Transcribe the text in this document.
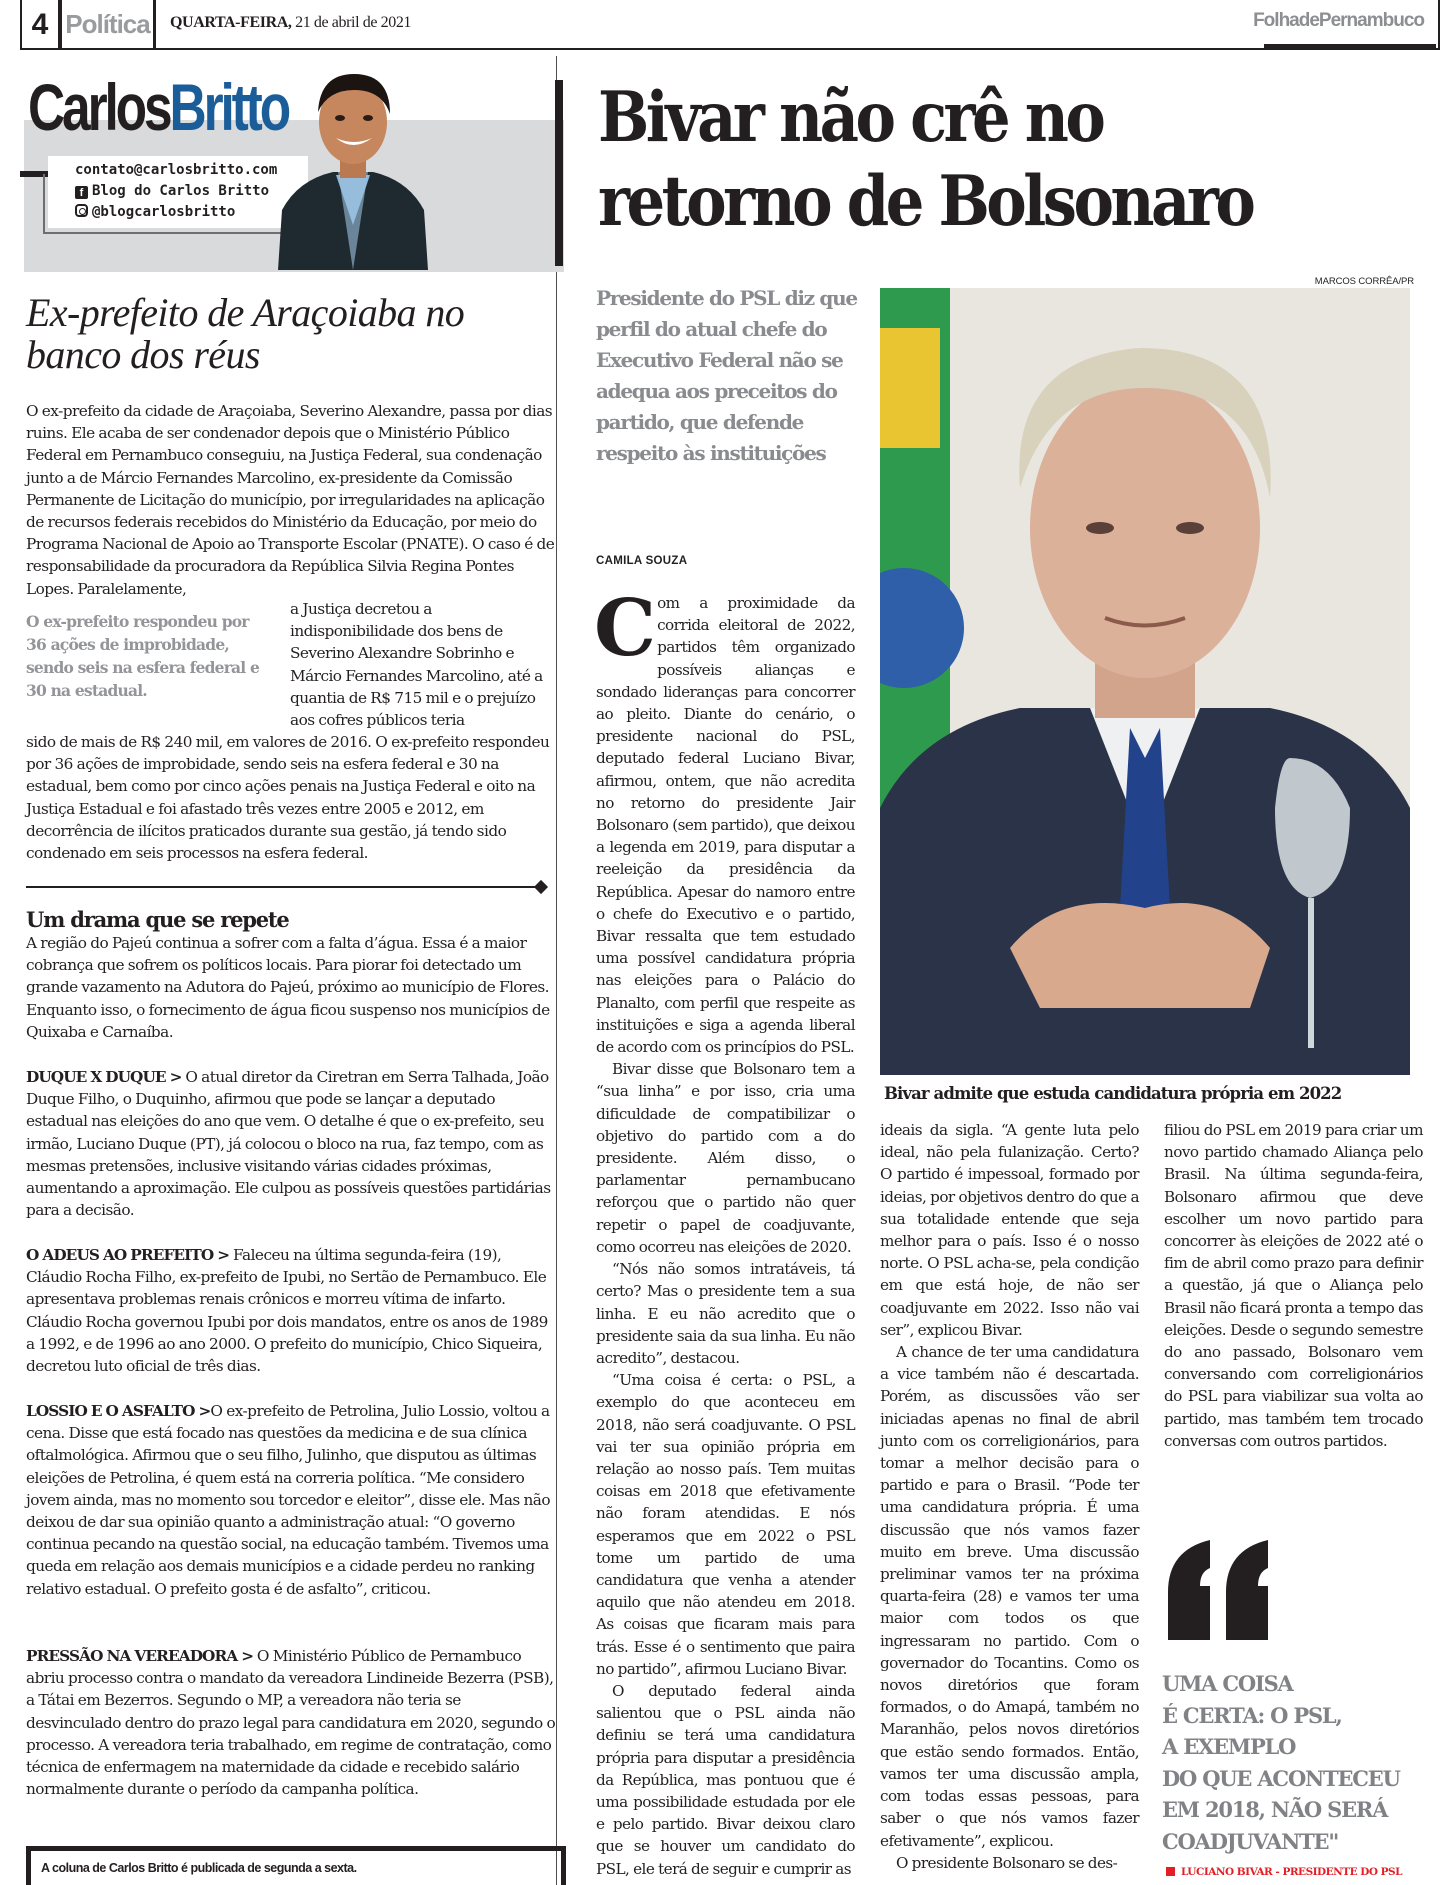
4 Política	QUARTA-FEIRA, 21 de abril de 2021	FolhadePernambuco
CarlosBritto
contato@carlosbritto.com
f Blog do Carlos Britto
@blogcarlosbritto
Ex-prefeito de Araçoiaba no banco dos réus
O ex-prefeito da cidade de Araçoiaba, Severino Alexandre, passa por dias ruins. Ele acaba de ser condenador depois que o Ministério Público Federal em Pernambuco conseguiu, na Justiça Federal, sua condenação junto a de Márcio Fernandes Marcolino, ex-presidente da Comissão Permanente de Licitação do município, por irregularidades na aplicação de recursos federais recebidos do Ministério da Educação, por meio do Programa Nacional de Apoio ao Transporte Escolar (PNATE). O caso é de responsabilidade da procuradora da República Silvia Regina Pontes Lopes. Paralelamente,
O ex-prefeito respondeu por 36 ações de improbidade, sendo seis na esfera federal e 30 na estadual.
a Justiça decretou a indisponibilidade dos bens de Severino Alexandre Sobrinho e Márcio Fernandes Marcolino, até a quantia de R$ 715 mil e o prejuízo aos cofres públicos teria
sido de mais de R$ 240 mil, em valores de 2016. O ex-prefeito respondeu por 36 ações de improbidade, sendo seis na esfera federal e 30 na estadual, bem como por cinco ações penais na Justiça Federal e oito na Justiça Estadual e foi afastado três vezes entre 2005 e 2012, em decorrência de ilícitos praticados durante sua gestão, já tendo sido condenado em seis processos na esfera federal.
Um drama que se repete
A região do Pajeú continua a sofrer com a falta d’água. Essa é a maior cobrança que sofrem os políticos locais. Para piorar foi detectado um grande vazamento na Adutora do Pajeú, próximo ao município de Flores. Enquanto isso, o fornecimento de água ficou suspenso nos municípios de Quixaba e Carnaíba.
DUQUE X DUQUE > O atual diretor da Ciretran em Serra Talhada, João Duque Filho, o Duquinho, afirmou que pode se lançar a deputado estadual nas eleições do ano que vem. O detalhe é que o ex-prefeito, seu irmão, Luciano Duque (PT), já colocou o bloco na rua, faz tempo, com as mesmas pretensões, inclusive visitando várias cidades próximas, aumentando a aproximação. Ele culpou as possíveis questões partidárias para a decisão.
O ADEUS AO PREFEITO > Faleceu na última segunda-feira (19), Cláudio Rocha Filho, ex-prefeito de Ipubi, no Sertão de Pernambuco. Ele apresentava problemas renais crônicos e morreu vítima de infarto. Cláudio Rocha governou Ipubi por dois mandatos, entre os anos de 1989 a 1992, e de 1996 ao ano 2000. O prefeito do município, Chico Siqueira, decretou luto oficial de três dias.
LOSSIO E O ASFALTO >O ex-prefeito de Petrolina, Julio Lossio, voltou a cena. Disse que está focado nas questões da medicina e de sua clínica oftalmológica. Afirmou que o seu filho, Julinho, que disputou as últimas eleições de Petrolina, é quem está na correria política. “Me considero jovem ainda, mas no momento sou torcedor e eleitor”, disse ele. Mas não deixou de dar sua opinião quanto a administração atual: “O governo continua pecando na questão social, na educação também. Tivemos uma queda em relação aos demais municípios e a cidade perdeu no ranking relativo estadual. O prefeito gosta é de asfalto”, criticou.
PRESSÃO NA VEREADORA > O Ministério Público de Pernambuco abriu processo contra o mandato da vereadora Lindineide Bezerra (PSB), a Tátai em Bezerros. Segundo o MP, a vereadora não teria se desvinculado dentro do prazo legal para candidatura em 2020, segundo o processo. A vereadora teria trabalhado, em regime de contratação, como técnica de enfermagem na maternidade da cidade e recebido salário normalmente durante o período da campanha política.
A coluna de Carlos Britto é publicada de segunda a sexta.
Bivar não crê no
retorno de Bolsonaro
Presidente do PSL diz que perfil do atual chefe do Executivo Federal não se adequa aos preceitos do partido, que defende respeito às instituições
CAMILA SOUZA
MARCOS CORRÊA/PR
Bivar admite que estuda candidatura própria em 2022

Com a proximidade da corrida eleitoral de 2022, partidos têm organizado possíveis alianças e sondado lideranças para concorrer ao pleito. Diante do cenário, o presidente nacional do PSL, deputado federal Luciano Bivar, afirmou, ontem, que não acredita no retorno do presidente Jair Bolsonaro (sem partido), que deixou a legenda em 2019, para disputar a reeleição da presidência da República. Apesar do namoro entre o chefe do Executivo e o partido, Bivar ressalta que tem estudado uma possível candidatura própria nas eleições para o Palácio do Planalto, com perfil que respeite as instituições e siga a agenda liberal de acordo com os princípios do PSL.

Bivar disse que Bolsonaro tem a “sua linha” e por isso, cria uma dificuldade de compatibilizar o objetivo do partido com a do presidente. Além disso, o parlamentar pernambucano reforçou que o partido não quer repetir o papel de coadjuvante, como ocorreu nas eleições de 2020.

“Nós não somos intratáveis, tá certo? Mas o presidente tem a sua linha. E eu não acredito que o presidente saia da sua linha. Eu não acredito”, destacou.

“Uma coisa é certa: o PSL, a exemplo do que aconteceu em 2018, não será coadjuvante. O PSL vai ter sua opinião própria em relação ao nosso país. Tem muitas coisas em 2018 que efetivamente não foram atendidas. E nós esperamos que em 2022 o PSL tome um partido de uma candidatura que venha a atender aquilo que não atendeu em 2018. As coisas que ficaram mais para trás. Esse é o sentimento que paira no partido”, afirmou Luciano Bivar.

O deputado federal ainda salientou que o PSL ainda não definiu se terá uma candidatura própria para disputar a presidência da República, mas pontuou que é uma possibilidade estudada por ele e pelo partido. Bivar deixou claro que se houver um candidato do PSL, ele terá de seguir e cumprir as

ideais da sigla. “A gente luta pelo ideal, não pela fulanização. Certo? O partido é impessoal, formado por ideias, por objetivos dentro do que a sua totalidade entende que seja melhor para o país. Isso é o nosso norte. O PSL acha-se, pela condição em que está hoje, de não ser coadjuvante em 2022. Isso não vai ser”, explicou Bivar.

A chance de ter uma candidatura a vice também não é descartada. Porém, as discussões vão ser iniciadas apenas no final de abril junto com os correligionários, para tomar a melhor decisão para o partido e para o Brasil. “Pode ter uma candidatura própria. É uma discussão que nós vamos fazer muito em breve. Uma discussão preliminar vamos ter na próxima quarta-feira (28) e vamos ter uma maior com todos os que ingressaram no partido. Com o governador do Tocantins. Como os novos diretórios que foram formados, o do Amapá, também no Maranhão, pelos novos diretórios que estão sendo formados. Então, vamos ter uma discussão ampla, com todas essas pessoas, para saber o que nós vamos fazer efetivamente”, explicou.

O presidente Bolsonaro se des-

filiou do PSL em 2019 para criar um novo partido chamado Aliança pelo Brasil. Na última segunda-feira, Bolsonaro afirmou que deve escolher um novo partido para concorrer às eleições de 2022 até o fim de abril como prazo para definir a questão, já que o Aliança pelo Brasil não ficará pronta a tempo das eleições. Desde o segundo semestre do ano passado, Bolsonaro vem conversando com correligionários do PSL para viabilizar sua volta ao partido, mas também tem trocado conversas com outros partidos.

UMA COISA
É CERTA: O PSL,
A EXEMPLO
DO QUE ACONTECEU
EM 2018, NÃO SERÁ
COADJUVANTE"
LUCIANO BIVAR - PRESIDENTE DO PSL
